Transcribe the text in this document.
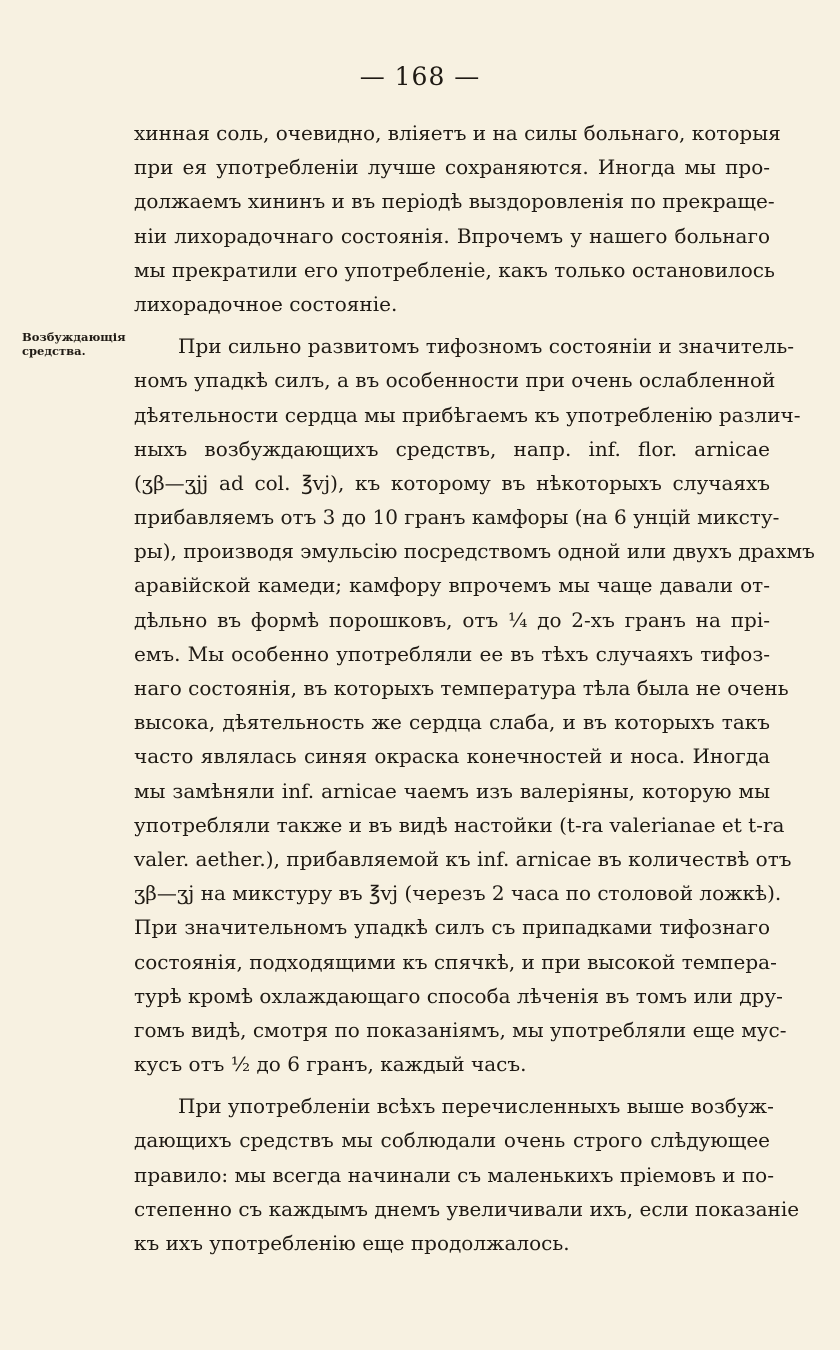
— 168 —
Возбуждающія
средства.
хинная соль, очевидно, вліяетъ и на силы больнаго, которыя
при ея употребленіи лучше сохраняются. Иногда мы про-
должаемъ хининъ и въ періодѣ выздоровленія по прекраще-
ніи лихорадочнаго состоянія. Впрочемъ у нашего больнаго
мы прекратили его употребленіе, какъ только остановилось
лихорадочное состояніе.
При сильно развитомъ тифозномъ состояніи и значитель-
номъ упадкѣ силъ, а въ особенности при очень ослабленной
дѣятельности сердца мы прибѣгаемъ къ употребленію различ-
ныхъ возбуждающихъ средствъ, напр. inf. flor. arnicae
(ʒβ—ʒjj ad col. ℥vj), къ которому въ нѣкоторыхъ случаяхъ
прибавляемъ отъ 3 до 10 гранъ камфоры (на 6 унцій миксту-
ры), производя эмульсію посредствомъ одной или двухъ драхмъ
аравійской камеди; камфору впрочемъ мы чаще давали от-
дѣльно въ формѣ порошковъ, отъ ¼ до 2-хъ гранъ на прі-
емъ. Мы особенно употребляли ее въ тѣхъ случаяхъ тифоз-
наго состоянія, въ которыхъ температура тѣла была не очень
высока, дѣятельность же сердца слаба, и въ которыхъ такъ
часто являлась синяя окраска конечностей и носа. Иногда
мы замѣняли inf. arnicae чаемъ изъ валеріяны, которую мы
употребляли также и въ видѣ настойки (t-ra valerianae et t-ra
valer. aether.), прибавляемой къ inf. arnicae въ количествѣ отъ
ʒβ—ʒj на микстуру въ ℥vj (черезъ 2 часа по столовой ложкѣ).
При значительномъ упадкѣ силъ съ припадками тифознаго
состоянія, подходящими къ спячкѣ, и при высокой темпера-
турѣ кромѣ охлаждающаго способа лѣченія въ томъ или дру-
гомъ видѣ, смотря по показаніямъ, мы употребляли еще мус-
кусъ отъ ½ до 6 гранъ, каждый часъ.
При употребленіи всѣхъ перечисленныхъ выше возбуж-
дающихъ средствъ мы соблюдали очень строго слѣдующее
правило: мы всегда начинали съ маленькихъ пріемовъ и по-
степенно съ каждымъ днемъ увеличивали ихъ, если показаніе
къ ихъ употребленію еще продолжалось.
